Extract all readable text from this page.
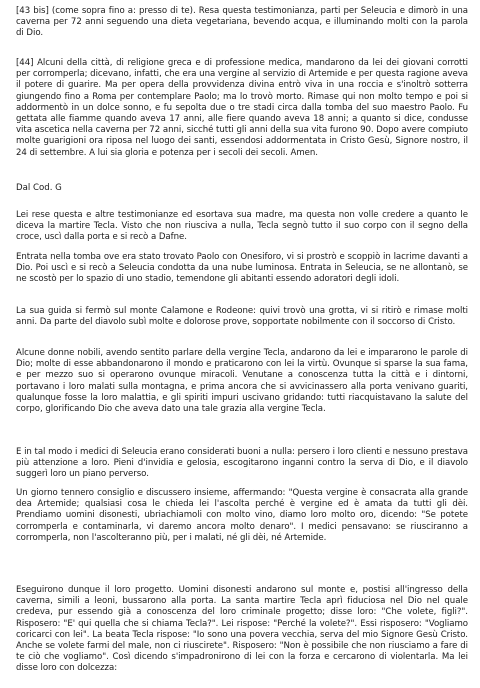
[43 bis] (come sopra fino a: presso di te). Resa questa testimonianza, parti per Seleucia e dimorò in una caverna per 72 anni seguendo una dieta vegetariana, bevendo acqua, e illuminando molti con la parola di Dio.

[44] Alcuni della città, di religione greca e di professione medica, mandarono da lei dei giovani corrotti per corromperla; dicevano, infatti, che era una vergine al servizio di Artemide e per questa ragione aveva il potere di guarire. Ma per opera della provvidenza divina entrò viva in una roccia e s'inoltrò sotterra giungendo fino a Roma per contemplare Paolo; ma lo trovò morto. Rimase qui non molto tempo e poi si addormentò in un dolce sonno, e fu sepolta due o tre stadi circa dalla tomba del suo maestro Paolo. Fu gettata alle fiamme quando aveva 17 anni, alle fiere quando aveva 18 anni; a quanto si dice, condusse vita ascetica nella caverna per 72 anni, sicché tutti gli anni della sua vita furono 90. Dopo avere compiuto molte guarigioni ora riposa nel luogo dei santi, essendosi addormentata in Cristo Gesù, Signore nostro, il 24 di settembre. A lui sia gloria e potenza per i secoli dei secoli. Amen.

Dal Cod. G

Lei rese questa e altre testimonianze ed esortava sua madre, ma questa non volle credere a quanto le diceva la martire Tecla. Visto che non riusciva a nulla, Tecla segnò tutto il suo corpo con il segno della croce, uscì dalla porta e si recò a Dafne.

Entrata nella tomba ove era stato trovato Paolo con Onesiforo, vi si prostrò e scoppiò in lacrime davanti a Dio. Poi uscì e si recò a Seleucia condotta da una nube luminosa. Entrata in Seleucia, se ne allontanò, se ne scostò per lo spazio di uno stadio, temendone gli abitanti essendo adoratori degli idoli.

La sua guida si fermò sul monte Calamone e Rodeone: quivi trovò una grotta, vi si ritirò e rimase molti anni. Da parte del diavolo subì molte e dolorose prove, sopportate nobilmente con il soccorso di Cristo.

Alcune donne nobili, avendo sentito parlare della vergine Tecla, andarono da lei e impararono le parole di Dio; molte di esse abbandonarono il mondo e praticarono con lei la virtù. Ovunque si sparse la sua fama, e per mezzo suo si operarono ovunque miracoli. Venutane a conoscenza tutta la città e i dintorni, portavano i loro malati sulla montagna, e prima ancora che si avvicinassero alla porta venivano guariti, qualunque fosse la loro malattia, e gli spiriti impuri uscivano gridando: tutti riacquistavano la salute del corpo, glorificando Dio che aveva dato una tale grazia alla vergine Tecla.

E in tal modo i medici di Seleucia erano considerati buoni a nulla: persero i loro clienti e nessuno prestava più attenzione a loro. Pieni d'invidia e gelosia, escogitarono inganni contro la serva di Dio, e il diavolo suggerì loro un piano perverso.

Un giorno tennero consiglio e discussero insieme, affermando: "Questa vergine è consacrata alla grande dea Artemide; qualsiasi cosa le chieda lei l'ascolta perché è vergine ed è amata da tutti gli dèi. Prendiamo uomini disonesti, ubriachiamoli con molto vino, diamo loro molto oro, dicendo: "Se potete corromperla e contaminarla, vi daremo ancora molto denaro". I medici pensavano: se riusciranno a corromperla, non l'ascolteranno più, per i malati, né gli dèi, né Artemide.

Eseguirono dunque il loro progetto. Uomini disonesti andarono sul monte e, postisi all'ingresso della caverna, simili a leoni, bussarono alla porta. La santa martire Tecla aprì fiduciosa nel Dio nel quale credeva, pur essendo già a conoscenza del loro criminale progetto; disse loro: "Che volete, figli?". Risposero: "E' qui quella che si chiama Tecla?". Lei rispose: "Perché la volete?". Essi risposero: "Vogliamo coricarci con lei". La beata Tecla rispose: "Io sono una povera vecchia, serva del mio Signore Gesù Cristo. Anche se volete farmi del male, non ci riuscirete". Risposero: "Non è possibile che non riusciamo a fare di te ciò che vogliamo". Così dicendo s'impadronirono di lei con la forza e cercarono di violentarla. Ma lei disse loro con dolcezza:
